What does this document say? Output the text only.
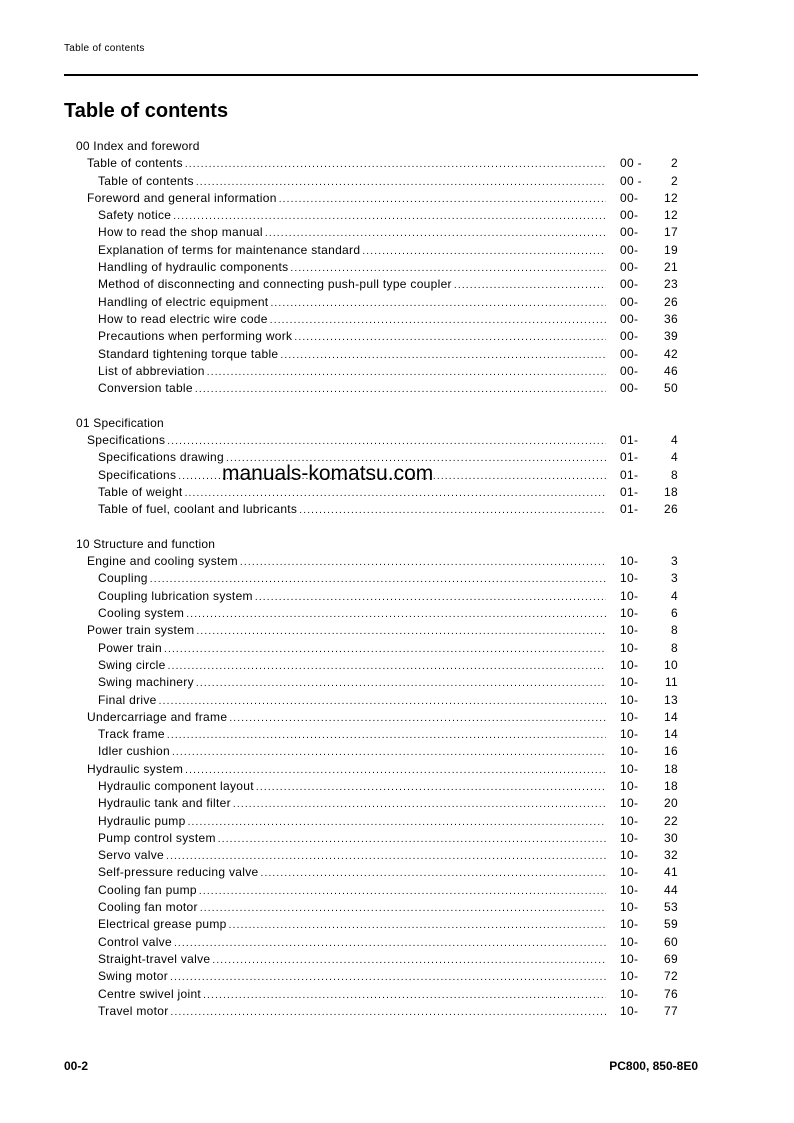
Table of contents
Table of contents
00 Index and foreword
Table of contents .....	00 -	2
Table of contents .....	00 -	2
Foreword and general information .....	00-	12
Safety notice .....	00-	12
How to read the shop manual .....	00-	17
Explanation of terms for maintenance standard .....	00-	19
Handling of hydraulic components .....	00-	21
Method of disconnecting and connecting push-pull type coupler .....	00-	23
Handling of electric equipment .....	00-	26
How to read electric wire code .....	00-	36
Precautions when performing work .....	00-	39
Standard tightening torque table .....	00-	42
List of abbreviation .....	00-	46
Conversion table .....	00-	50
01 Specification
Specifications .....	01-	4
Specifications drawing .....	01-	4
Specifications .....	01-	8
Table of weight .....	01-	18
Table of fuel, coolant and lubricants .....	01-	26
10 Structure and function
Engine and cooling system .....	10-	3
Coupling .....	10-	3
Coupling lubrication system .....	10-	4
Cooling system .....	10-	6
Power train system .....	10-	8
Power train .....	10-	8
Swing circle .....	10-	10
Swing machinery .....	10-	11
Final drive .....	10-	13
Undercarriage and frame .....	10-	14
Track frame .....	10-	14
Idler cushion .....	10-	16
Hydraulic system .....	10-	18
Hydraulic component layout .....	10-	18
Hydraulic tank and filter .....	10-	20
Hydraulic pump .....	10-	22
Pump control system .....	10-	30
Servo valve .....	10-	32
Self-pressure reducing valve .....	10-	41
Cooling fan pump .....	10-	44
Cooling fan motor .....	10-	53
Electrical grease pump .....	10-	59
Control valve .....	10-	60
Straight-travel valve .....	10-	69
Swing motor .....	10-	72
Centre swivel joint .....	10-	76
Travel motor .....	10-	77
manuals-komatsu.com
00-2	PC800, 850-8E0
